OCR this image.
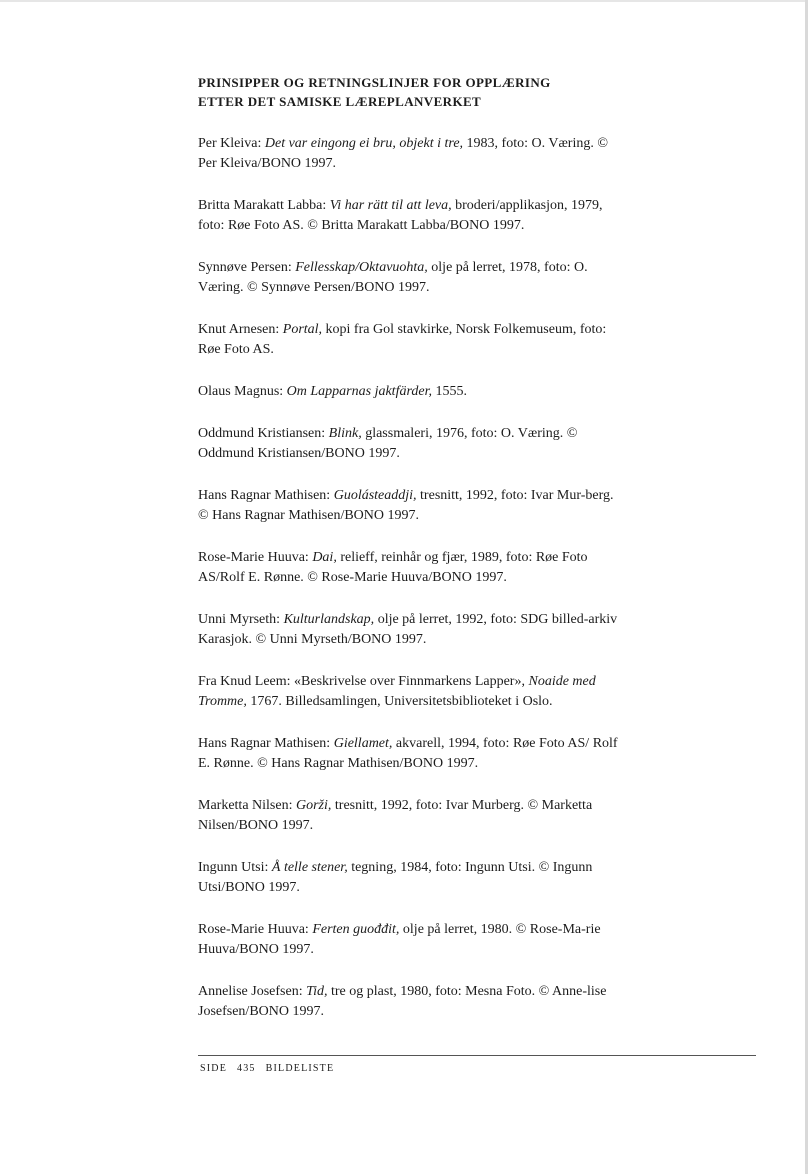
PRINSIPPER OG RETNINGSLINJER FOR OPPLÆRING
ETTER DET SAMISKE LÆREPLANVERKET

Per Kleiva: Det var eingong ei bru, objekt i tre, 1983, foto: O. Væring. © Per Kleiva/BONO 1997.

Britta Marakatt Labba: Vi har rätt til att leva, broderi/applikasjon, 1979, foto: Røe Foto AS. © Britta Marakatt Labba/BONO 1997.

Synnøve Persen: Fellesskap/Oktavuohta, olje på lerret, 1978, foto: O. Væring. © Synnøve Persen/BONO 1997.

Knut Arnesen: Portal, kopi fra Gol stavkirke, Norsk Folkemuseum, foto: Røe Foto AS.

Olaus Magnus: Om Lapparnas jaktfärder, 1555.

Oddmund Kristiansen: Blink, glassmaleri, 1976, foto: O. Væring. © Oddmund Kristiansen/BONO 1997.

Hans Ragnar Mathisen: Guolásteaddji, tresnitt, 1992, foto: Ivar Mur-berg. © Hans Ragnar Mathisen/BONO 1997.

Rose-Marie Huuva: Dai, relieff, reinhår og fjær, 1989, foto: Røe Foto AS/Rolf E. Rønne. © Rose-Marie Huuva/BONO 1997.

Unni Myrseth: Kulturlandskap, olje på lerret, 1992, foto: SDG billed-arkiv Karasjok. © Unni Myrseth/BONO 1997.

Fra Knud Leem: «Beskrivelse over Finnmarkens Lapper», Noaide med Tromme, 1767. Billedsamlingen, Universitetsbiblioteket i Oslo.

Hans Ragnar Mathisen: Giellamet, akvarell, 1994, foto: Røe Foto AS/ Rolf E. Rønne. © Hans Ragnar Mathisen/BONO 1997.

Marketta Nilsen: Gorži, tresnitt, 1992, foto: Ivar Murberg. © Marketta Nilsen/BONO 1997.

Ingunn Utsi: Å telle stener, tegning, 1984, foto: Ingunn Utsi. © Ingunn Utsi/BONO 1997.

Rose-Marie Huuva: Ferten guođđit, olje på lerret, 1980. © Rose-Ma-rie Huuva/BONO 1997.

Annelise Josefsen: Tid, tre og plast, 1980, foto: Mesna Foto. © Anne-lise Josefsen/BONO 1997.

SIDE 435 BILDELISTE
